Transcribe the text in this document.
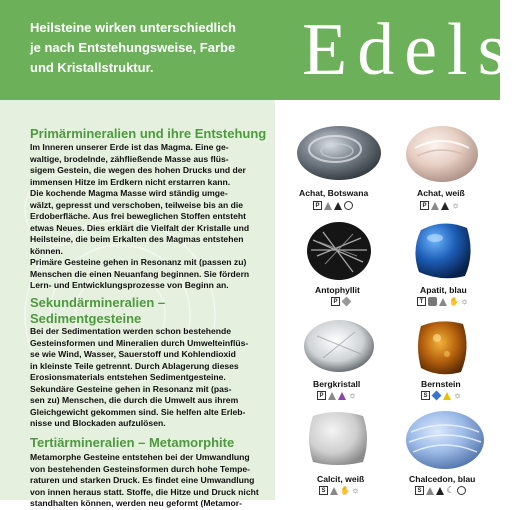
Heilsteine wirken unterschiedlich
je nach Entstehungsweise, Farbe
und Kristallstruktur.	Edels
Primärmineralien und ihre Entstehung
Im Inneren unserer Erde ist das Magma. Eine ge-
waltige, brodelnde, zähfließende Masse aus flüs-
sigem Gestein, die wegen des hohen Drucks und der
immensen Hitze im Erdkern nicht erstarren kann.
Die kochende Magma Masse wird ständig umge-
wälzt, gepresst und verschoben, teilweise bis an die
Erdoberfläche. Aus frei beweglichen Stoffen entsteht
etwas Neues. Dies erklärt die Vielfalt der Kristalle und
Heilsteine, die beim Erkalten des Magmas entstehen
können.
Primäre Gesteine gehen in Resonanz mit (passen zu)
Menschen die einen Neuanfang beginnen. Sie fördern
Lern- und Entwicklungsprozesse von Beginn an.
Sekundärmineralien –
Sedimentgesteine
Bei der Sedimentation werden schon bestehende
Gesteinsformen und Mineralien durch Umwelteinflüs-
se wie Wind, Wasser, Sauerstoff und Kohlendioxid
in kleinste Teile getrennt. Durch Ablagerung dieses
Erosionsmaterials entstehen Sedimentgesteine.
Sekundäre Gesteine gehen in Resonanz mit (pas-
sen zu) Menschen, die durch die Umwelt aus ihrem
Gleichgewicht gekommen sind. Sie helfen alte Erleb-
nisse und Blockaden aufzulösen.
Tertiärmineralien – Metamorphite
Metamorphe Gesteine entstehen bei der Umwandlung
von bestehenden Gesteinsformen durch hohe Tempe-
raturen und starken Druck. Es findet eine Umwandlung
von innen heraus statt. Stoffe, die Hitze und Druck nicht
standhalten können, werden neu geformt (Metamor-
Achat, Botswana
P
Achat, weiß
P	☼
Antophyllit
P
Apatit, blau
T	✋ ☼
Bergkristall
P	☼
Bernstein
S	☼
Calcit, weiß
S	✋ ☼
Chalcedon, blau
S	☾
